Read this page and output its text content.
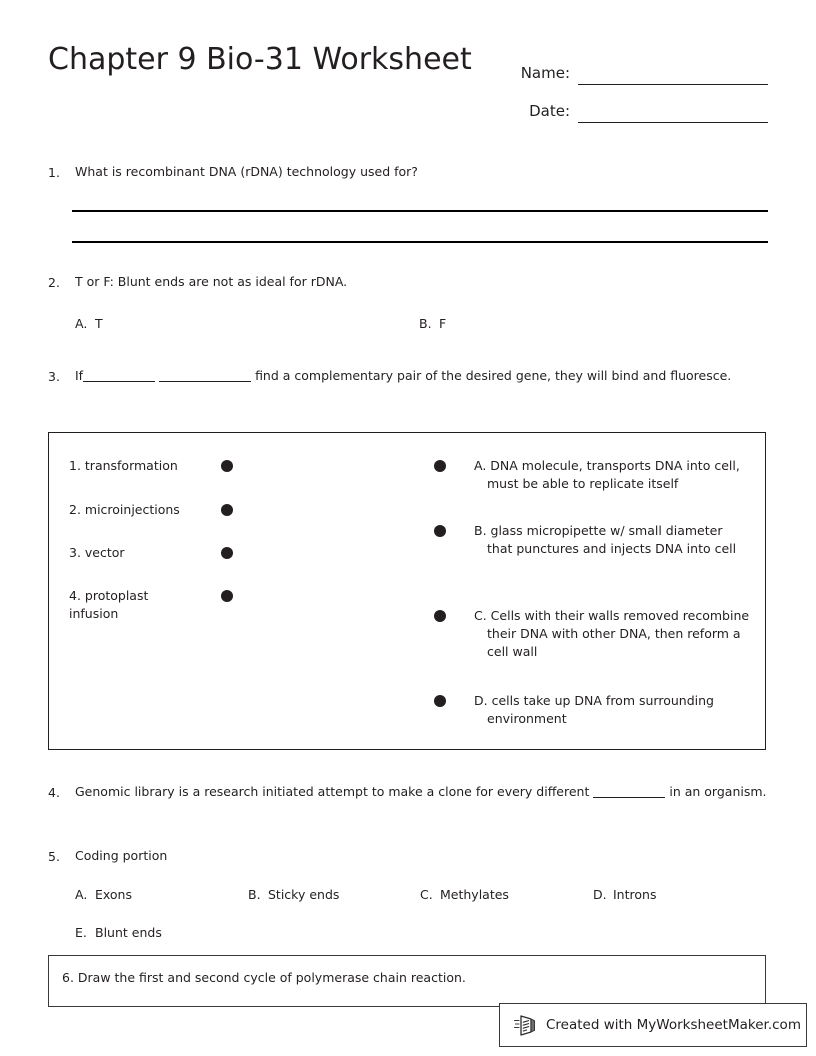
Chapter 9 Bio-31 Worksheet	Name:
Date:
1.	What is recombinant DNA (rDNA) technology used for?
2.	T or F: Blunt ends are not as ideal for rDNA.
A. T	B. F
3.	If	find a complementary pair of the desired gene, they will bind and fluoresce.
1. transformation
2. microinjections
3. vector
4. protoplast
infusion
A. DNA molecule, transports DNA into cell, must be able to replicate itself
B. glass micropipette w/ small diameter that punctures and injects DNA into cell
C. Cells with their walls removed recombine their DNA with other DNA, then reform a cell wall
D. cells take up DNA from surrounding environment
4.	Genomic library is a research initiated attempt to make a clone for every different	in an organism.
5.	Coding portion
A. Exons	B. Sticky ends	C. Methylates	D. Introns
E. Blunt ends
6. Draw the first and second cycle of polymerase chain reaction.
Created with MyWorksheetMaker.com
